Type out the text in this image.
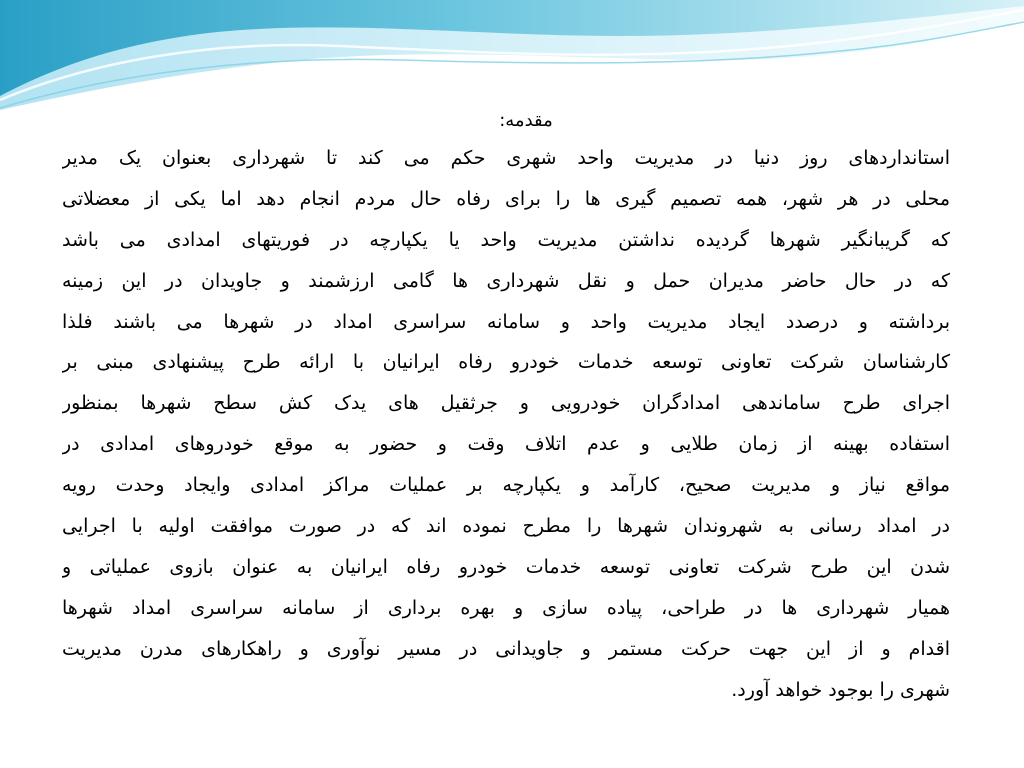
مقدمه:
استانداردهای روز دنیا در مدیریت واحد شهری حکم می کند تا شهرداری بعنوان یک مدیر
محلی در هر شهر، همه تصمیم گیری ها را برای رفاه حال مردم انجام دهد اما یکی از معضلاتی
که گریبانگیر شهرها گردیده نداشتن مدیریت واحد یا یکپارچه در فوریتهای امدادی می باشد
که در حال حاضر مدیران حمل و نقل شهرداری ها گامی ارزشمند و جاویدان در این زمینه
برداشته و درصدد ایجاد مدیریت واحد و سامانه سراسری امداد در شهرها می باشند فلذا
کارشناسان شرکت تعاونی توسعه خدمات خودرو رفاه ایرانیان با ارائه طرح پیشنهادی مبنی بر
اجرای طرح ساماندهی امدادگران خودرویی و جرثقیل های یدک کش سطح شهرها بمنظور
استفاده بهینه از زمان طلایی و عدم اتلاف وقت و حضور به موقع خودروهای امدادی در
مواقع نیاز و مدیریت صحیح، کارآمد و یکپارچه بر عملیات مراکز امدادی وایجاد وحدت رویه
در امداد رسانی به شهروندان شهرها را مطرح نموده اند که در صورت موافقت اولیه با اجرایی
شدن این طرح شرکت تعاونی توسعه خدمات خودرو رفاه ایرانیان به عنوان بازوی عملیاتی و
همیار شهرداری ها در طراحی، پیاده سازی و بهره برداری از سامانه سراسری امداد شهرها
اقدام و از این جهت حرکت مستمر و جاویدانی در مسیر نوآوری و راهکارهای مدرن مدیریت
شهری را بوجود خواهد آورد.
